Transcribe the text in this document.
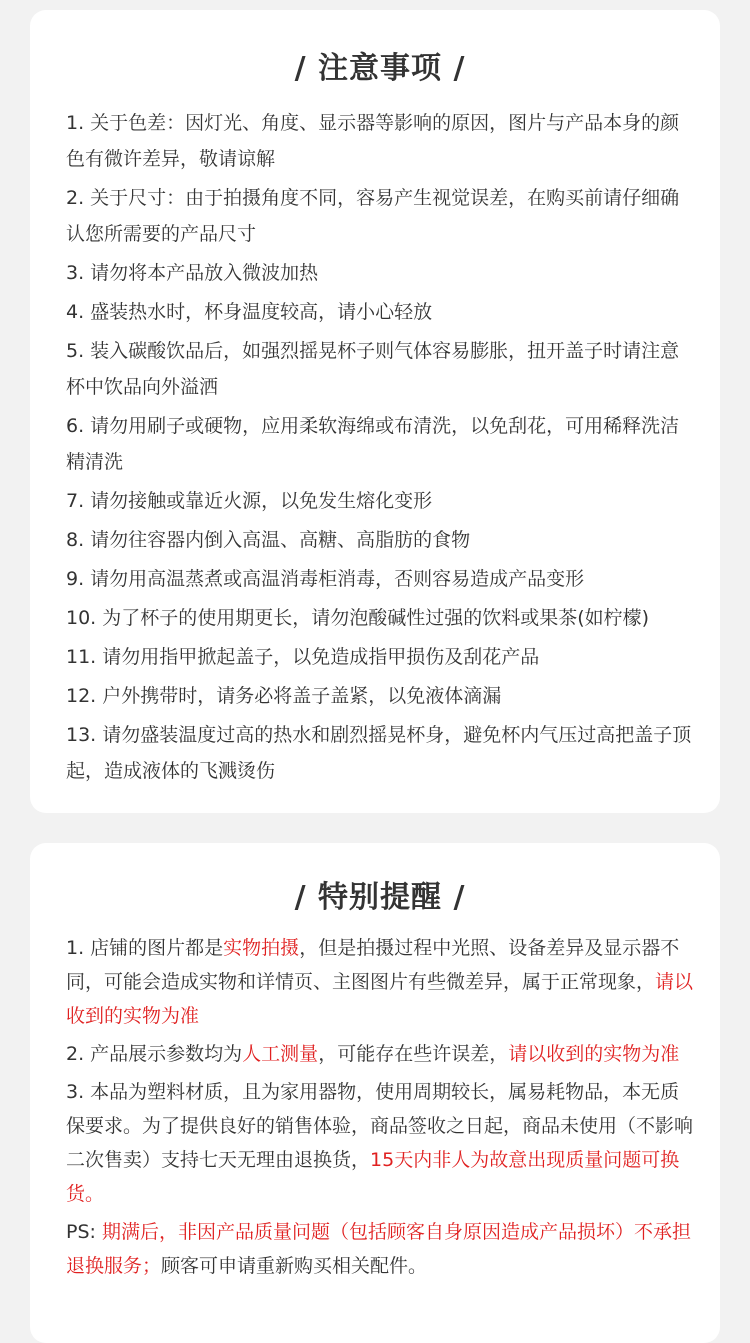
/ 注意事项 /
1. 关于色差：因灯光、角度、显示器等影响的原因，图片与产品本身的颜色有微许差异，敬请谅解
2. 关于尺寸：由于拍摄角度不同，容易产生视觉误差，在购买前请仔细确认您所需要的产品尺寸
3. 请勿将本产品放入微波加热
4. 盛装热水时，杯身温度较高，请小心轻放
5. 装入碳酸饮品后，如强烈摇晃杯子则气体容易膨胀，扭开盖子时请注意杯中饮品向外溢洒
6. 请勿用刷子或硬物，应用柔软海绵或布清洗，以免刮花，可用稀释洗洁精清洗
7. 请勿接触或靠近火源，以免发生熔化变形
8. 请勿往容器内倒入高温、高糖、高脂肪的食物
9. 请勿用高温蒸煮或高温消毒柜消毒，否则容易造成产品变形
10. 为了杯子的使用期更长，请勿泡酸碱性过强的饮料或果茶(如柠檬)
11. 请勿用指甲掀起盖子，以免造成指甲损伤及刮花产品
12. 户外携带时，请务必将盖子盖紧，以免液体滴漏
13. 请勿盛装温度过高的热水和剧烈摇晃杯身，避免杯内气压过高把盖子顶起，造成液体的飞溅烫伤
/ 特别提醒 /
1. 店铺的图片都是实物拍摄，但是拍摄过程中光照、设备差异及显示器不同，可能会造成实物和详情页、主图图片有些微差异，属于正常现象，请以收到的实物为准
2. 产品展示参数均为人工测量，可能存在些许误差，请以收到的实物为准
3. 本品为塑料材质，且为家用器物，使用周期较长，属易耗物品，本无质保要求。为了提供良好的销售体验，商品签收之日起，商品未使用（不影响二次售卖）支持七天无理由退换货，15天内非人为故意出现质量问题可换货。
PS: 期满后，非因产品质量问题（包括顾客自身原因造成产品损坏）不承担退换服务；顾客可申请重新购买相关配件。
